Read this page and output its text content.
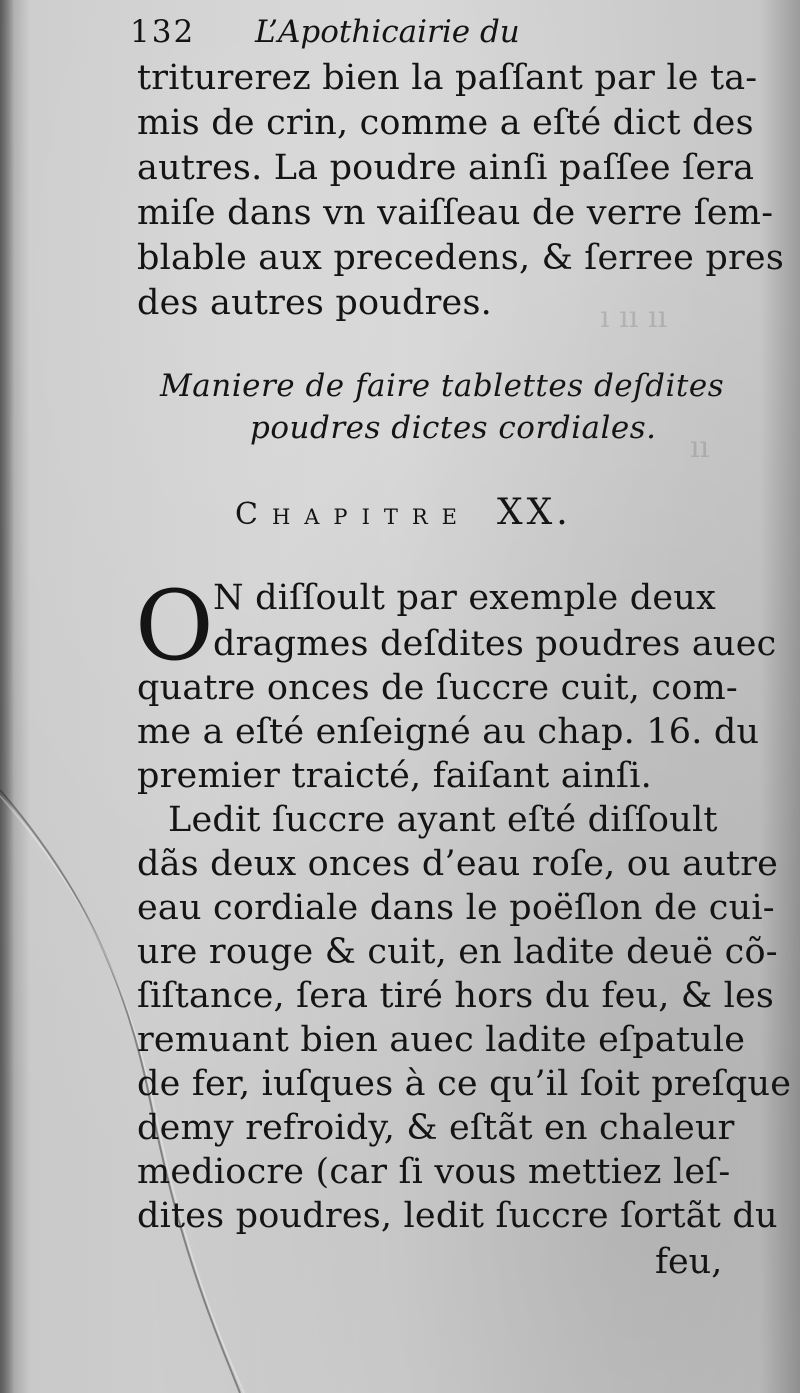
ı ıı ıı
ıı
132 L’Apothicairie du
triturerez bien la paſſant par le ta-
mis de crin, comme a eſté dict des
autres. La poudre ainſi paſſee ſera
miſe dans vn vaiſſeau de verre ſem-
blable aux precedens, & ſerree pres
des autres poudres.
Maniere de faire tablettes deſdites
poudres dictes cordiales.
Chapitre XX.
O N diſſoult par exemple deux
dragmes deſdites poudres auec
quatre onces de ſuccre cuit, com-
me a eſté enſeigné au chap. 16. du
premier traicté, faiſant ainſi.
Ledit ſuccre ayant eſté diſſoult
dãs deux onces d’eau roſe, ou autre
eau cordiale dans le poëſlon de cui-
ure rouge & cuit, en ladite deuë cõ-
ſiſtance, ſera tiré hors du feu, & les
remuant bien auec ladite eſpatule
de fer, iuſques à ce qu’il ſoit preſque
demy refroidy, & eſtãt en chaleur
mediocre (car ſi vous mettiez leſ-
dites poudres, ledit ſuccre ſortãt du
feu,
